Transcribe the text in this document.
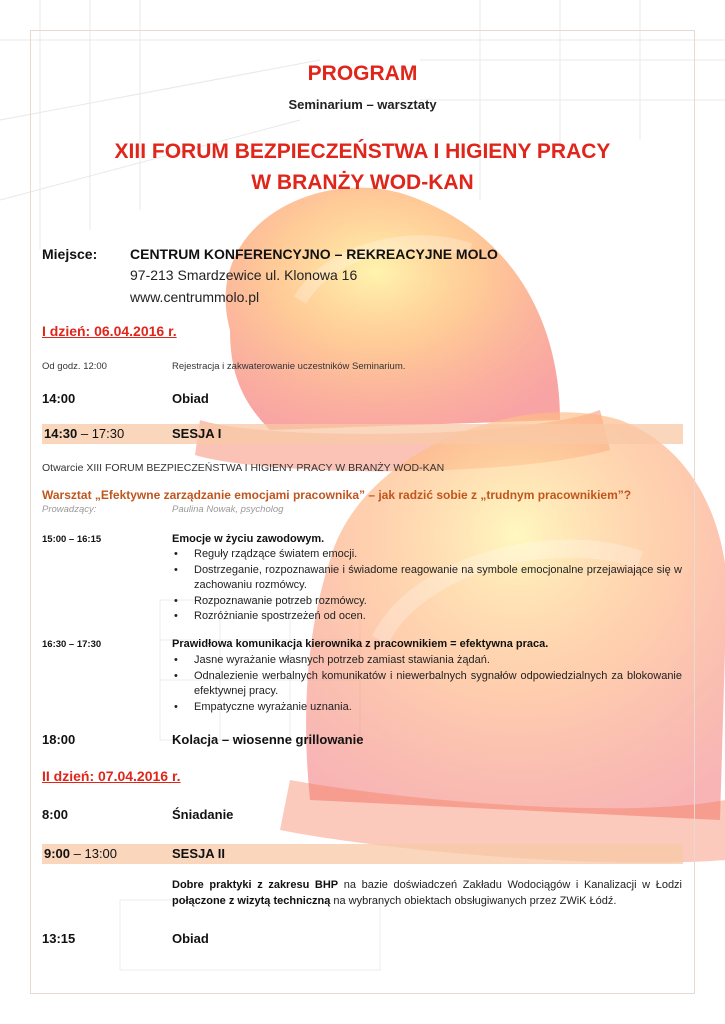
PROGRAM
Seminarium – warsztaty
XIII FORUM BEZPIECZEŃSTWA I HIGIENY PRACY
W BRANŻY WOD-KAN
Miejsce: CENTRUM KONFERENCYJNO – REKREACYJNE MOLO
97-213 Smardzewice ul. Klonowa 16
www.centrummolo.pl
I dzień: 06.04.2016 r.
Od godz. 12:00	Rejestracja i zakwaterowanie uczestników Seminarium.
14:00	Obiad
14:30 – 17:30	SESJA I
Otwarcie XIII FORUM BEZPIECZEŃSTWA I HIGIENY PRACY W BRANŻY WOD-KAN
Warsztat „Efektywne zarządzanie emocjami pracownika” – jak radzić sobie z „trudnym pracownikiem”?
Prowadzący:	Paulina Nowak, psycholog
15:00 – 16:15	Emocje w życiu zawodowym.
• Reguły rządzące światem emocji.
• Dostrzeganie, rozpoznawanie i świadome reagowanie na symbole emocjonalne przejawiające się w zachowaniu rozmówcy.
• Rozpoznawanie potrzeb rozmówcy.
• Rozróżnianie spostrzeżeń od ocen.
16:30 – 17:30	Prawidłowa komunikacja kierownika z pracownikiem = efektywna praca.
• Jasne wyrażanie własnych potrzeb zamiast stawiania żądań.
• Odnalezienie werbalnych komunikatów i niewerbalnych sygnałów odpowiedzialnych za blokowanie efektywnej pracy.
• Empatyczne wyrażanie uznania.
18:00	Kolacja – wiosenne grillowanie
II dzień: 07.04.2016 r.
8:00	Śniadanie
9:00 – 13:00	SESJA II
Dobre praktyki z zakresu BHP na bazie doświadczeń Zakładu Wodociągów i Kanalizacji w Łodzi połączone z wizytą techniczną na wybranych obiektach obsługiwanych przez ZWiK Łódź.
13:15	Obiad
